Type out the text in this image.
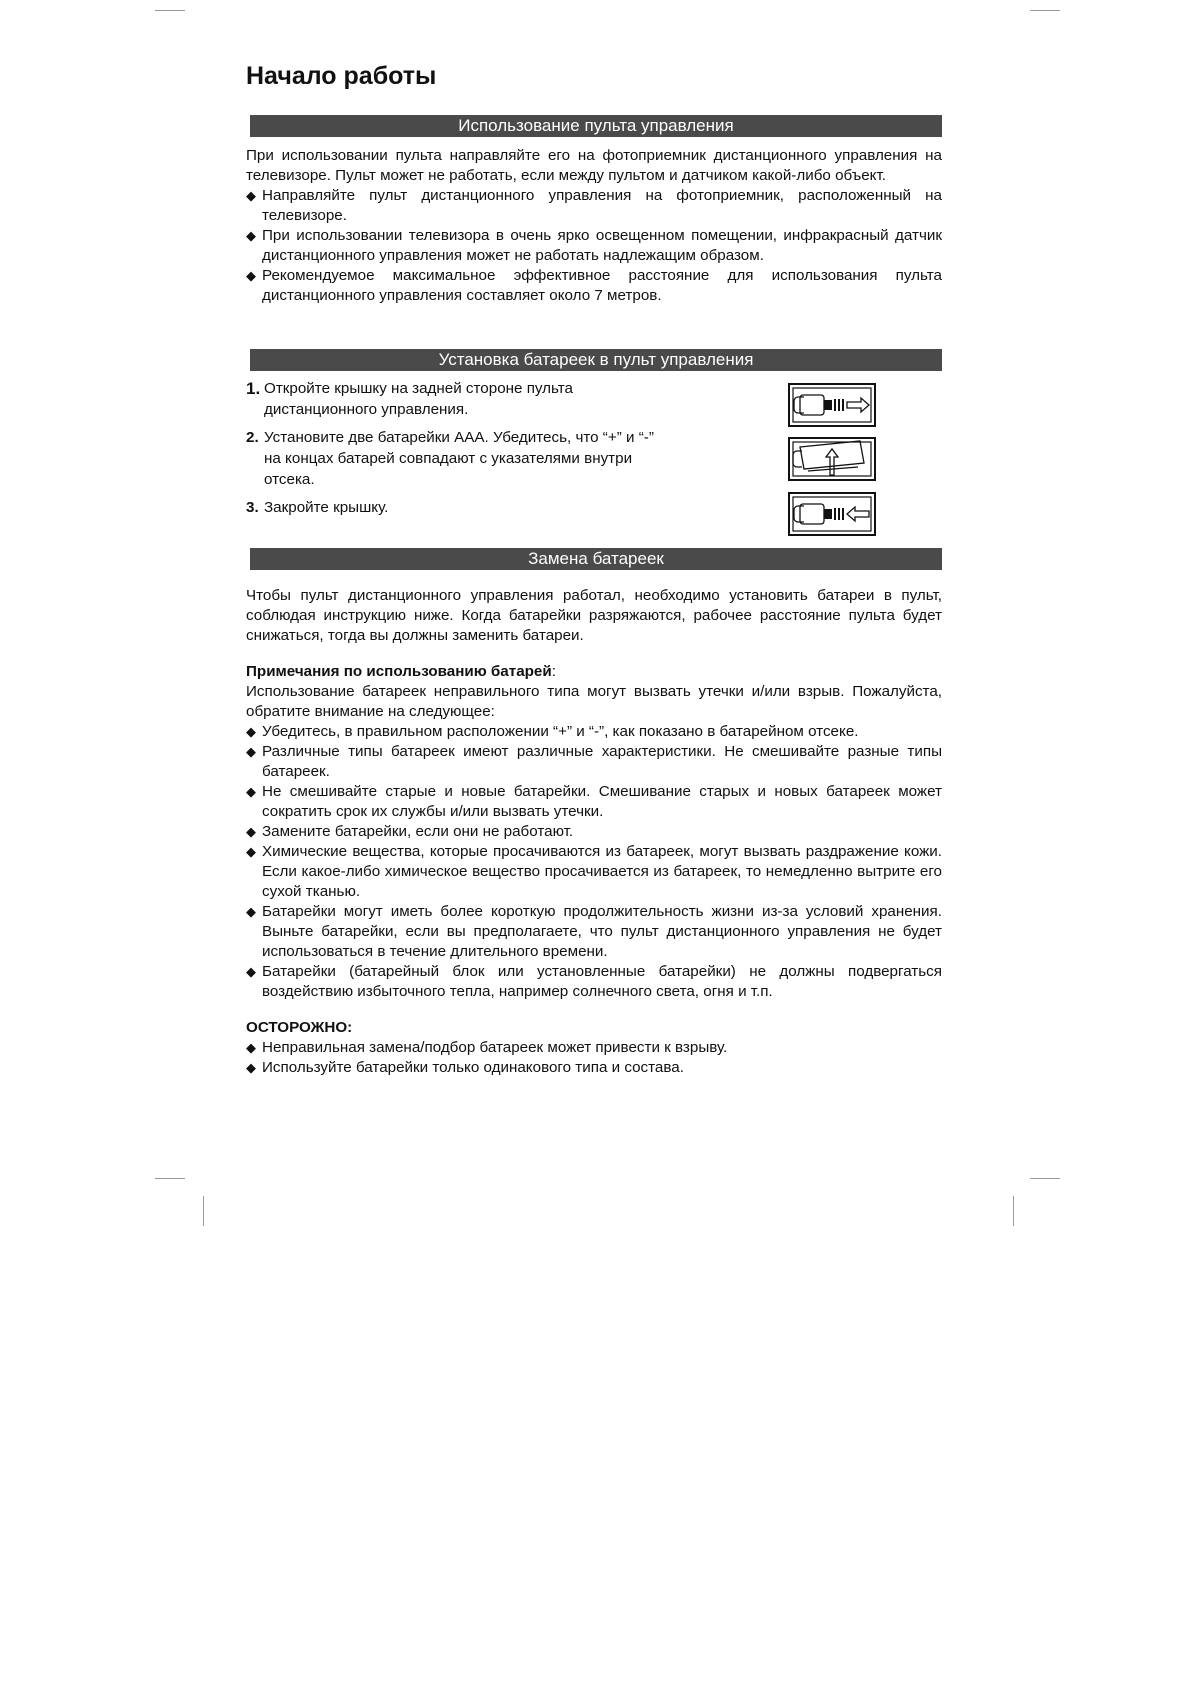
Начало работы
Использование пульта управления

При использовании пульта направляйте его на фотоприемник дистанционного управления на телевизоре. Пульт может не работать, если между пультом и датчиком какой-либо объект.

◆ Направляйте пульт дистанционного управления на фотоприемник, расположенный на телевизоре.
◆ При использовании телевизора в очень ярко освещенном помещении, инфракрасный датчик дистанционного управления может не работать надлежащим образом.
◆ Рекомендуемое максимальное эффективное расстояние для использования пульта дистанционного управления составляет около 7 метров.
Установка батареек в пульт управления
1. Откройте крышку на задней стороне пульта дистанционного управления.
2. Установите две батарейки AAA. Убедитесь, что “+” и “-” на концах батарей совпадают с указателями внутри отсека.
3. Закройте крышку.
Замена батареек

Чтобы пульт дистанционного управления работал, необходимо установить батареи в пульт, соблюдая инструкцию ниже. Когда батарейки разряжаются, рабочее расстояние пульта будет снижаться, тогда вы должны заменить батареи.

Примечания по использованию батарей:

Использование батареек неправильного типа могут вызвать утечки и/или взрыв. Пожалуйста, обратите внимание на следующее:

◆ Убедитесь, в правильном расположении “+” и “-”, как показано в батарейном отсеке.
◆ Различные типы батареек имеют различные характеристики. Не смешивайте разные типы батареек.
◆ Не смешивайте старые и новые батарейки. Смешивание старых и новых батареек может сократить срок их службы и/или вызвать утечки.
◆ Замените батарейки, если они не работают.
◆ Химические вещества, которые просачиваются из батареек, могут вызвать раздражение кожи. Если какое-либо химическое вещество просачивается из батареек, то немедленно вытрите его сухой тканью.
◆ Батарейки могут иметь более короткую продолжительность жизни из-за условий хранения. Выньте батарейки, если вы предполагаете, что пульт дистанционного управления не будет использоваться в течение длительного времени.
◆ Батарейки (батарейный блок или установленные батарейки) не должны подвергаться воздействию избыточного тепла, например солнечного света, огня и т.п.

ОСТОРОЖНО:

◆ Неправильная замена/подбор батареек может привести к взрыву.
◆ Используйте батарейки только одинакового типа и состава.
